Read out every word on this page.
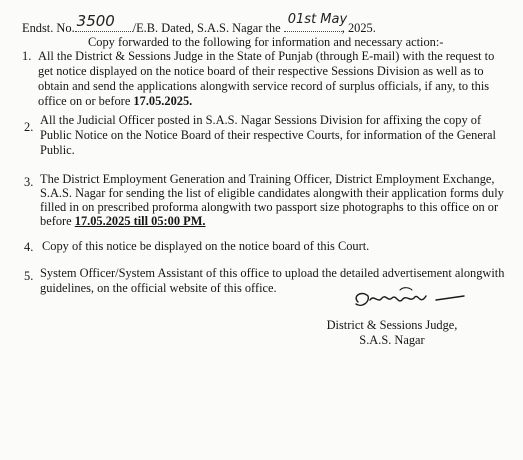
Endst. No. 3500 /E.B. Dated, S.A.S. Nagar the
01st May
, 2025.
Copy forwarded to the following for information and necessary action:-
1. All the District & Sessions Judge in the State of Punjab (through E-mail) with the request to
get notice displayed on the notice board of their respective Sessions Division as well as to
obtain and send the applications alongwith service record of surplus officials, if any, to this
office on or before 17.05.2025.
2. All the Judicial Officer posted in S.A.S. Nagar Sessions Division for affixing the copy of
Public Notice on the Notice Board of their respective Courts, for information of the General
Public.
3. The District Employment Generation and Training Officer, District Employment Exchange,
S.A.S. Nagar for sending the list of eligible candidates alongwith their application forms duly
filled in on prescribed proforma alongwith two passport size photographs to this office on or
before 17.05.2025 till 05:00 PM.
4. Copy of this notice be displayed on the notice board of this Court.
5. System Officer/System Assistant of this office to upload the detailed advertisement alongwith
guidelines, on the official website of this office.
District & Sessions Judge,
S.A.S. Nagar
